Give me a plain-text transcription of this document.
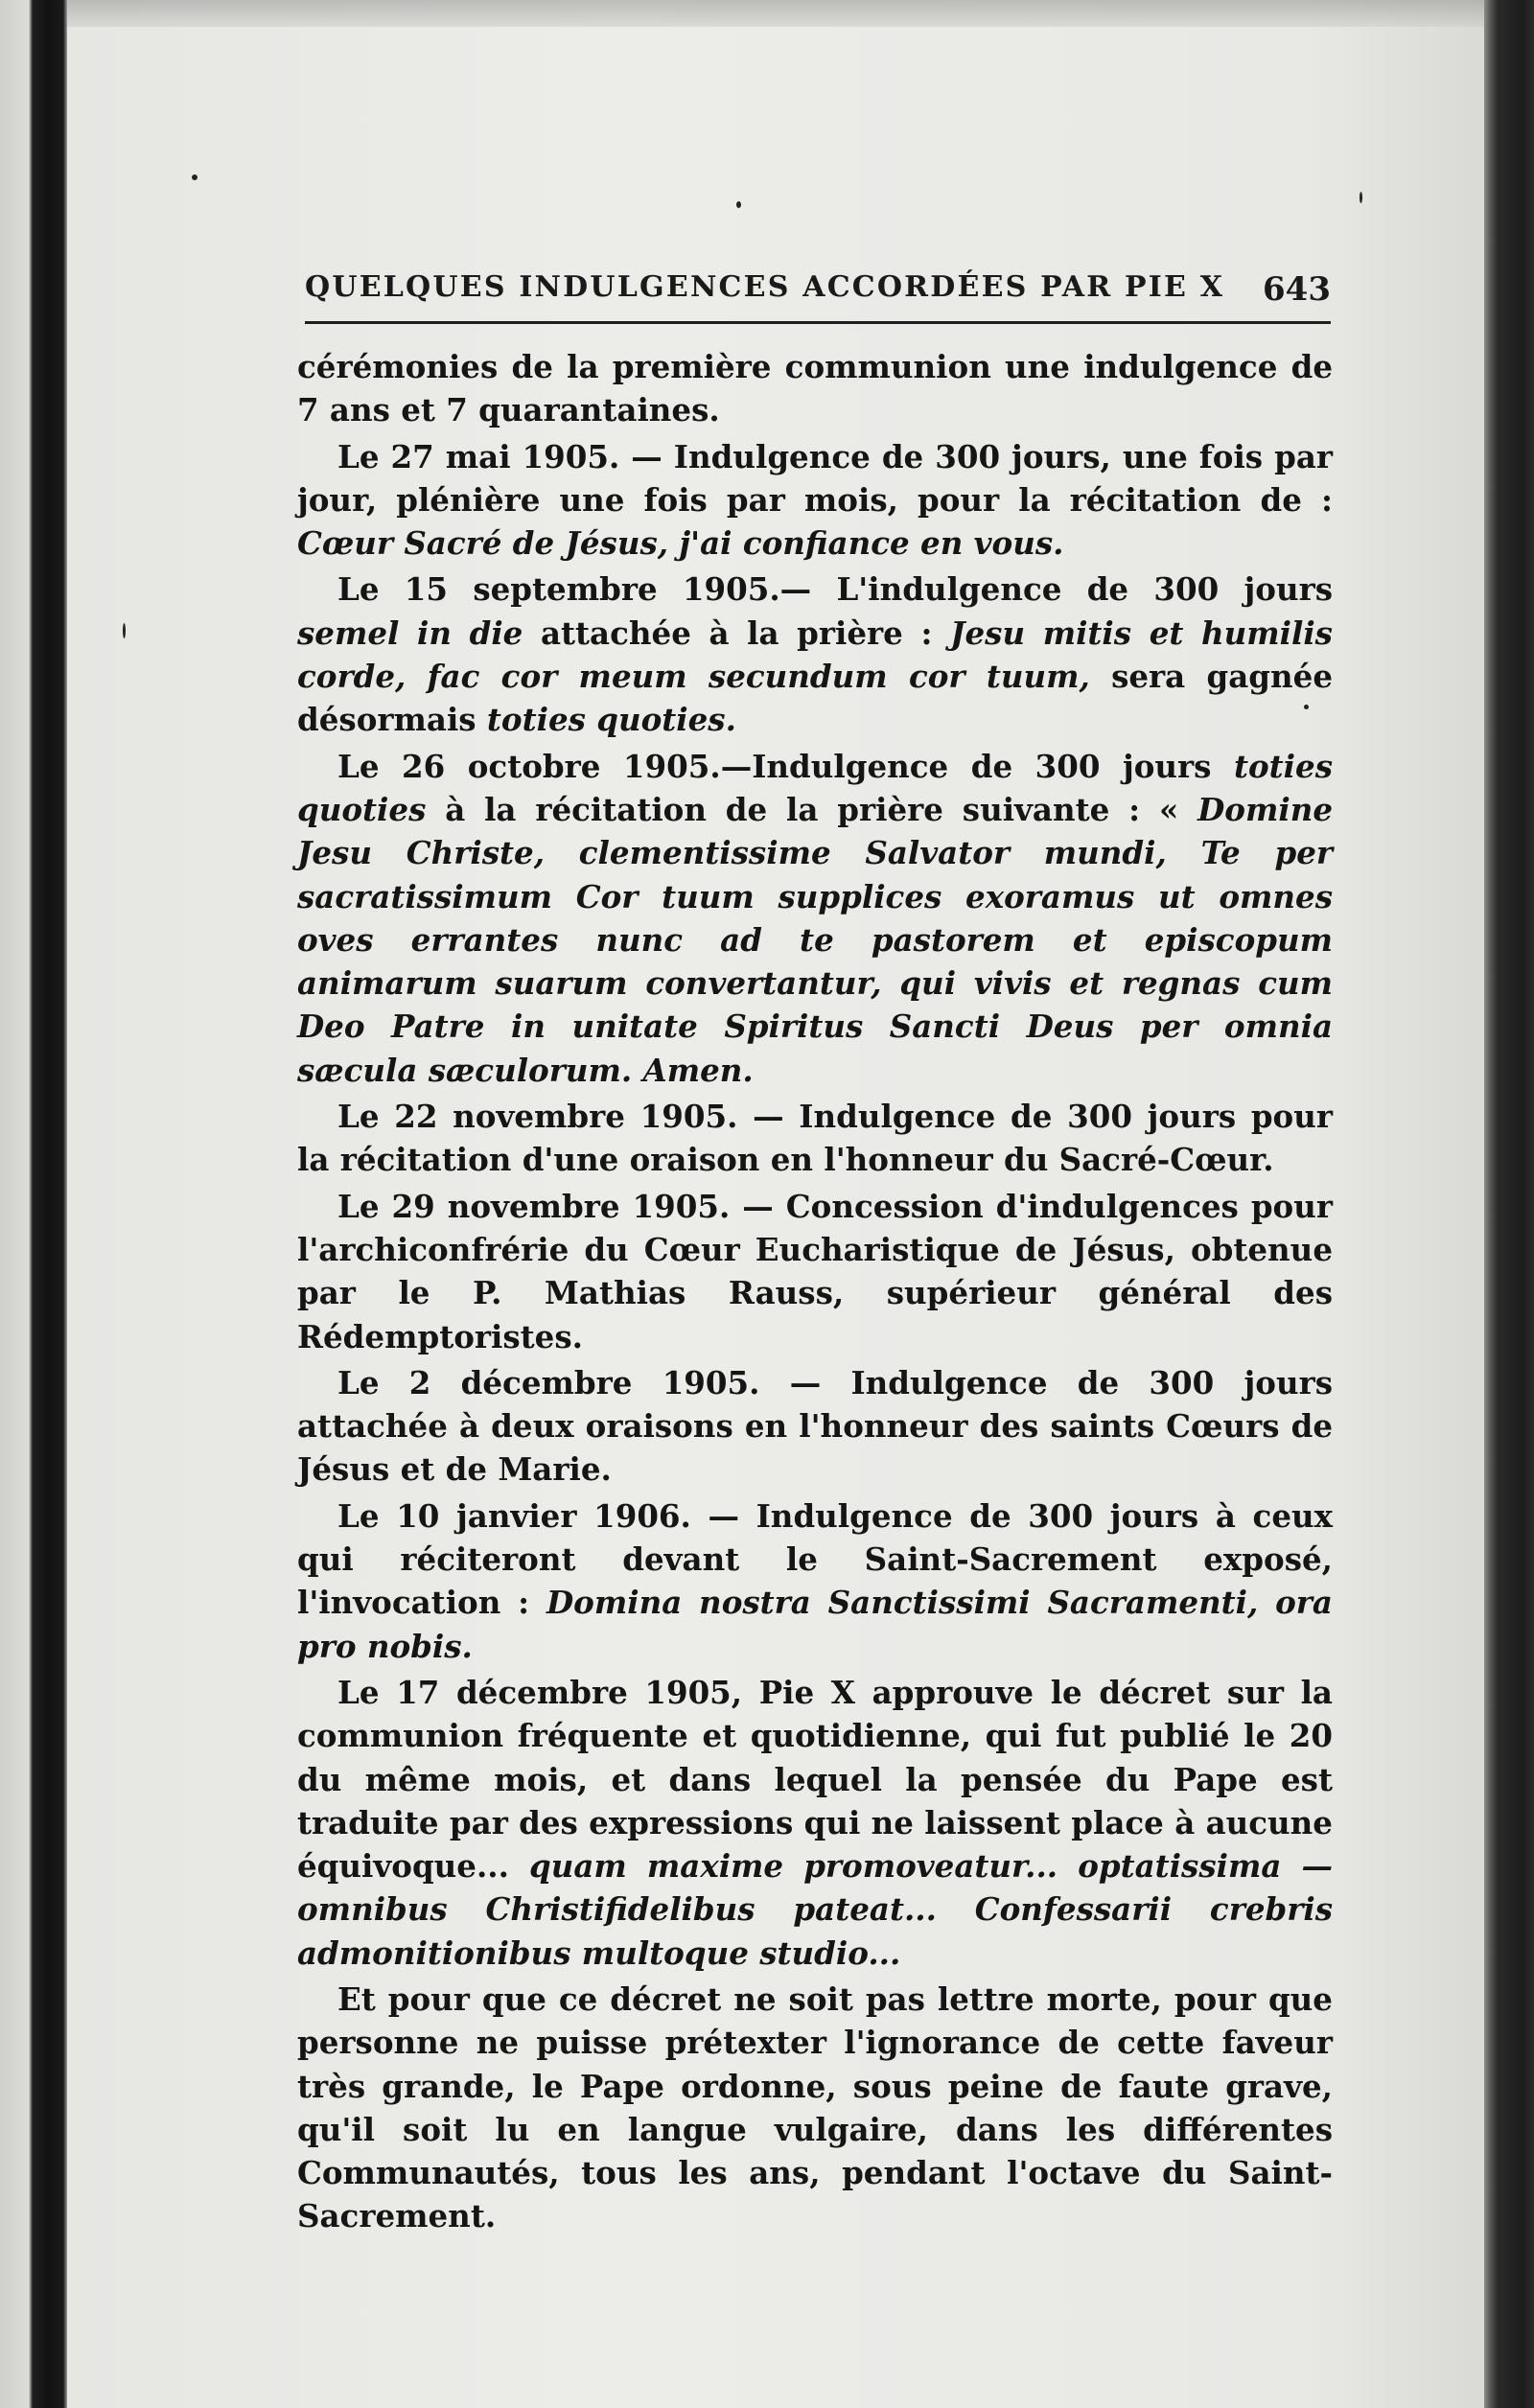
QUELQUES INDULGENCES ACCORDÉES PAR PIE X 643

cérémonies de la première communion une indulgence de 7 ans et 7 quarantaines.

Le 27 mai 1905. — Indulgence de 300 jours, une fois par jour, plénière une fois par mois, pour la récitation de : Cœur Sacré de Jésus, j'ai confiance en vous.

Le 15 septembre 1905.— L'indulgence de 300 jours semel in die attachée à la prière : Jesu mitis et humilis corde, fac cor meum secundum cor tuum, sera gagnée désormais toties quoties.

Le 26 octobre 1905.—Indulgence de 300 jours toties quoties à la récitation de la prière suivante : « Domine Jesu Christe, clementissime Salvator mundi, Te per sacratissimum Cor tuum supplices exoramus ut omnes oves errantes nunc ad te pastorem et episcopum animarum suarum convertantur, qui vivis et regnas cum Deo Patre in unitate Spiritus Sancti Deus per omnia sæcula sæculorum. Amen.

Le 22 novembre 1905. — Indulgence de 300 jours pour la récitation d'une oraison en l'honneur du Sacré-Cœur.

Le 29 novembre 1905. — Concession d'indulgences pour l'archiconfrérie du Cœur Eucharistique de Jésus, obtenue par le P. Mathias Rauss, supérieur général des Rédemptoristes.

Le 2 décembre 1905. — Indulgence de 300 jours attachée à deux oraisons en l'honneur des saints Cœurs de Jésus et de Marie.

Le 10 janvier 1906. — Indulgence de 300 jours à ceux qui réciteront devant le Saint-Sacrement exposé, l'invocation : Domina nostra Sanctissimi Sacramenti, ora pro nobis.

Le 17 décembre 1905, Pie X approuve le décret sur la communion fréquente et quotidienne, qui fut publié le 20 du même mois, et dans lequel la pensée du Pape est traduite par des expressions qui ne laissent place à aucune équivoque... quam maxime promoveatur... optatissima — omnibus Christifidelibus pateat... Confessarii crebris admonitionibus multoque studio...

Et pour que ce décret ne soit pas lettre morte, pour que personne ne puisse prétexter l'ignorance de cette faveur très grande, le Pape ordonne, sous peine de faute grave, qu'il soit lu en langue vulgaire, dans les différentes Communautés, tous les ans, pendant l'octave du Saint-Sacrement.
